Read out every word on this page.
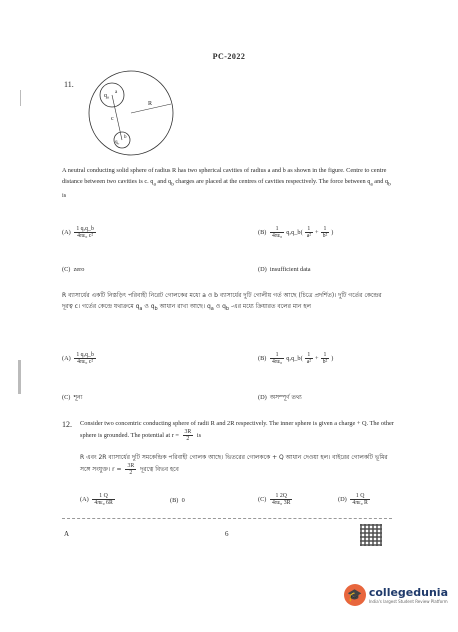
PC-2022
11.
$q_a$
a
$q_b$
b
c
R
A neutral conducting solid sphere of radius R has two spherical cavities of radius a and b as shown in the figure. Centre to centre distance between two cavities is c. $q_a$ and $q_b$ charges are placed at the centres of cavities respectively. The force between $q_a$ and $q_b$ is
$(A) \frac{\text{1 qₐq\_b}}{\text{4πε₀ c²}}$	$(B) \frac{1}{\text{4πε₀}}$ qₐq_b( $\frac{1}{\text{a²}} + \frac{1}{\text{b²}}$ )
(C) zero	(D) insufficient data
R ব্যাসার্ধের একটি নিস্তড়িৎ পরিবাহী নিরেট গোলকের মধ্যে a ও b ব্যাসার্ধের দুটি গোলীয় গর্ত আছে (চিত্রে প্রদর্শিত)। দুটি গর্তের কেন্দ্রের দূরত্ব c। গর্তের কেন্দ্রে যথাক্রমে $q_a$ ও $q_b$ আধান রাখা আছে। $q_a$ ও $q_b$ -এর মধ্যে ক্রিয়ারত বলের মান হল
$(A) \frac{\text{1 qₐq\_b}}{\text{4πε₀ c²}}$	$(B) \frac{1}{\text{4πε₀}}$ qₐq_b( $\frac{1}{\text{a²}} + \frac{1}{\text{b²}}$ )
(C) শূন্য	(D) অসম্পূর্ণ তথ্য
12. Consider two concentric conducting sphere of radii R and 2R respectively. The inner sphere is given a charge + Q. The other sphere is grounded. The potential at $r = \frac{3R}{2}$ is
R এবং 2R ব্যাসার্ধের দুটি সমকেন্দ্রিক পরিবাহী গোলক আছে। ভিতরের গোলককে + Q আধান দেওয়া হল। বাইরের গোলকটি ভূমির সঙ্গে সংযুক্ত। $r = \frac{3R}{2}$ দূরত্বে বিভব হবে
$(A) \frac{1 Q}{\text{4πε₀ 6R}}$	(B) 0	$(C) \frac{1 2Q}{\text{4πε₀ 3R}}$	$(D) \frac{1 Q}{\text{4πε₀ R}}$
A	6
🎓 collegedunia
India's largest Student Review Platform
